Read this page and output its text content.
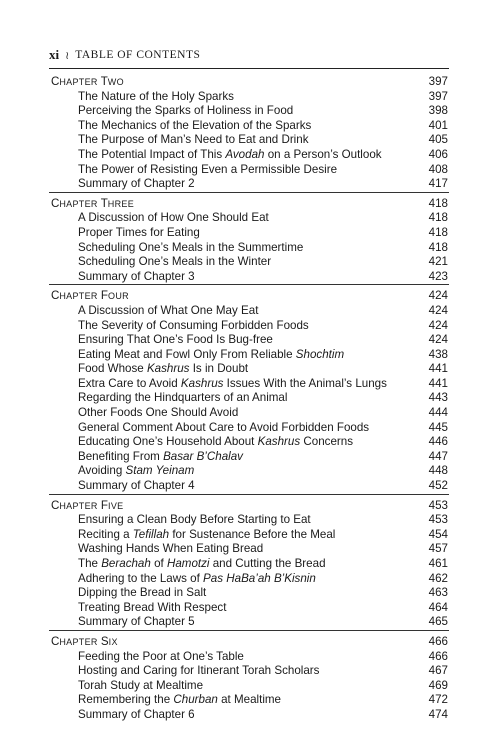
xi ≀ TABLE OF CONTENTS
CHAPTER TWO	397
The Nature of the Holy Sparks	397
Perceiving the Sparks of Holiness in Food	398
The Mechanics of the Elevation of the Sparks	401
The Purpose of Man’s Need to Eat and Drink	405
The Potential Impact of This Avodah on a Person’s Outlook	406
The Power of Resisting Even a Permissible Desire	408
Summary of Chapter 2	417
CHAPTER THREE	418
A Discussion of How One Should Eat	418
Proper Times for Eating	418
Scheduling One’s Meals in the Summertime	418
Scheduling One’s Meals in the Winter	421
Summary of Chapter 3	423
CHAPTER FOUR	424
A Discussion of What One May Eat	424
The Severity of Consuming Forbidden Foods	424
Ensuring That One’s Food Is Bug-free	424
Eating Meat and Fowl Only From Reliable Shochtim	438
Food Whose Kashrus Is in Doubt	441
Extra Care to Avoid Kashrus Issues With the Animal’s Lungs	441
Regarding the Hindquarters of an Animal	443
Other Foods One Should Avoid	444
General Comment About Care to Avoid Forbidden Foods	445
Educating One’s Household About Kashrus Concerns	446
Benefiting From Basar B’Chalav	447
Avoiding Stam Yeinam	448
Summary of Chapter 4	452
CHAPTER FIVE	453
Ensuring a Clean Body Before Starting to Eat	453
Reciting a Tefillah for Sustenance Before the Meal	454
Washing Hands When Eating Bread	457
The Berachah of Hamotzi and Cutting the Bread	461
Adhering to the Laws of Pas HaBa’ah B’Kisnin	462
Dipping the Bread in Salt	463
Treating Bread With Respect	464
Summary of Chapter 5	465
CHAPTER SIX	466
Feeding the Poor at One’s Table	466
Hosting and Caring for Itinerant Torah Scholars	467
Torah Study at Mealtime	469
Remembering the Churban at Mealtime	472
Summary of Chapter 6	474
